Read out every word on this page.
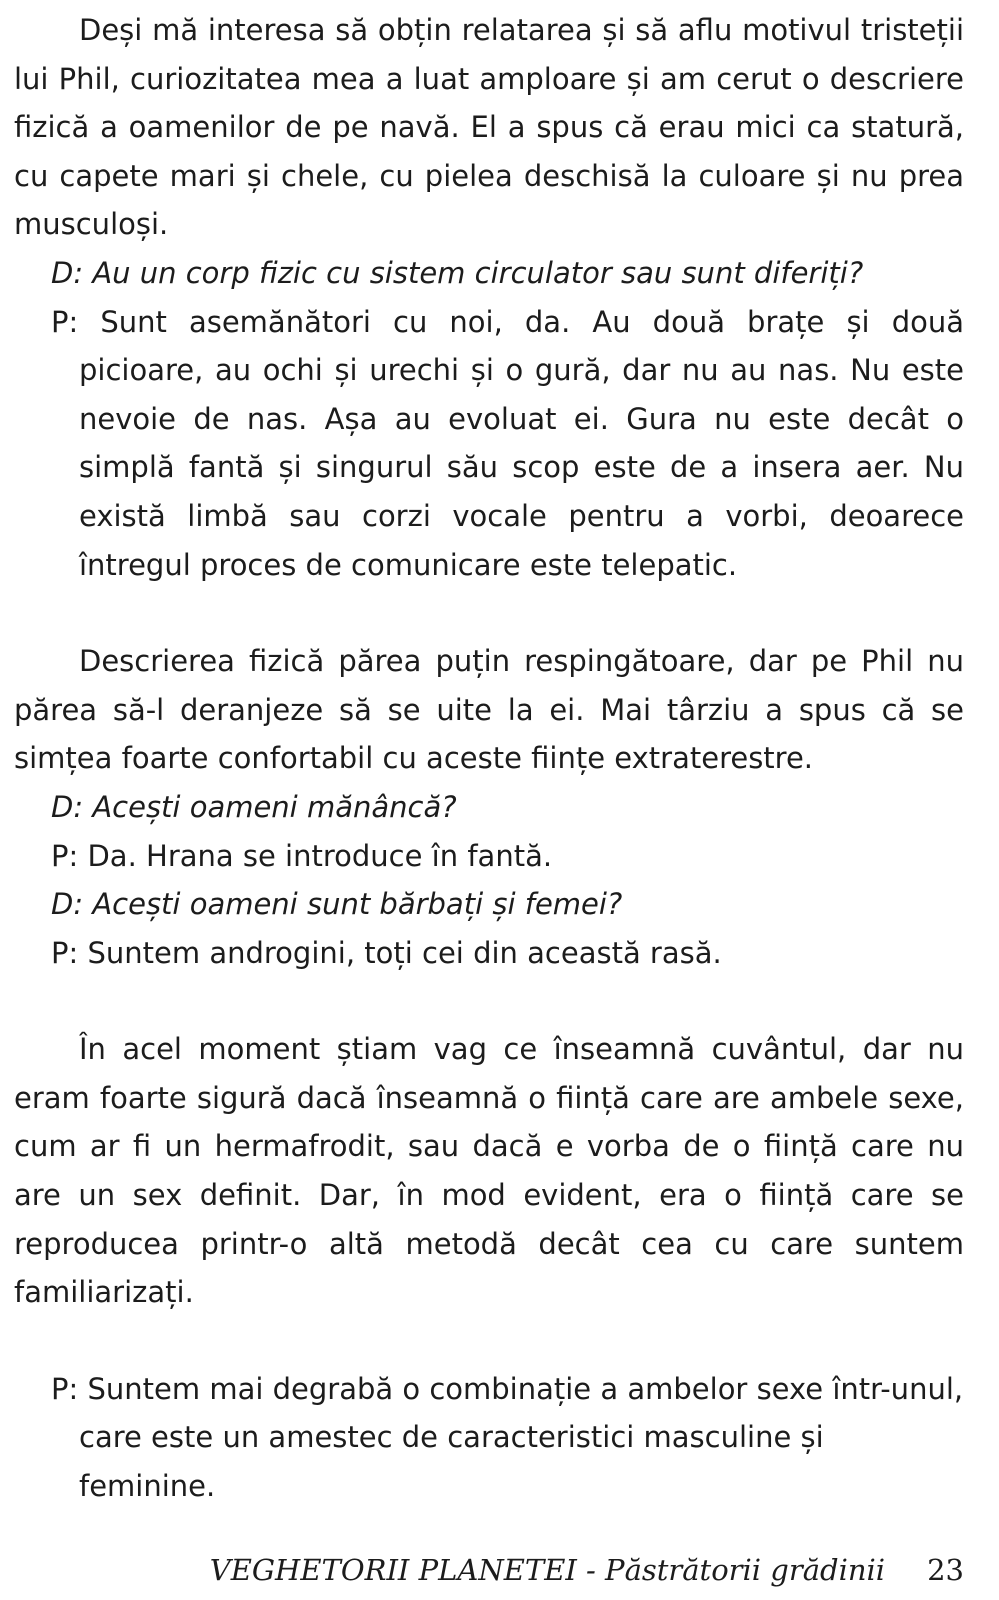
Deși mă interesa să obțin relatarea și să aflu motivul tristeții lui Phil, curiozitatea mea a luat amploare și am cerut o descriere fizică a oamenilor de pe navă. El a spus că erau mici ca statură, cu capete mari și chele, cu pielea deschisă la culoare și nu prea musculoși.

D: Au un corp fizic cu sistem circulator sau sunt diferiți?

P: Sunt asemănători cu noi, da. Au două brațe și două picioare, au ochi și urechi și o gură, dar nu au nas. Nu este nevoie de nas. Așa au evoluat ei. Gura nu este decât o simplă fantă și singurul său scop este de a insera aer. Nu există limbă sau corzi vocale pentru a vorbi, deoarece întregul proces de comunicare este telepatic.

Descrierea fizică părea puțin respingătoare, dar pe Phil nu părea să-l deranjeze să se uite la ei. Mai târziu a spus că se simțea foarte confortabil cu aceste ființe extraterestre.

D: Acești oameni mănâncă?

P: Da. Hrana se introduce în fantă.

D: Acești oameni sunt bărbați și femei?

P: Suntem androgini, toți cei din această rasă.

În acel moment știam vag ce înseamnă cuvântul, dar nu eram foarte sigură dacă înseamnă o ființă care are ambele sexe, cum ar fi un hermafrodit, sau dacă e vorba de o ființă care nu are un sex definit. Dar, în mod evident, era o ființă care se reproducea printr-o altă metodă decât cea cu care suntem familiarizați.

P: Suntem mai degrabă o combinație a ambelor sexe într-unul, care este un amestec de caracteristici masculine și feminine.

VEGHETORII PLANETEI - Păstrătorii grădinii 23
